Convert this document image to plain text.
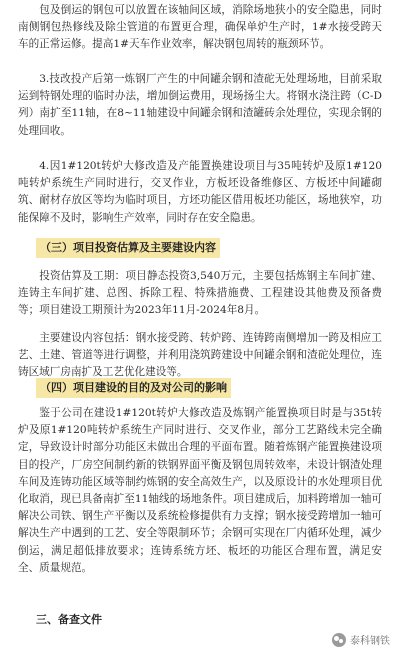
包及倒运的钢包可以放置在该轴间区域，消除场地狭小的安全隐患，同时南侧钢包热修线及除尘管道的布置更合理，确保单炉生产时，1#水接受跨天车的正常运修。提高1#天车作业效率，解决钢包周转的瓶颈环节。

3.技改投产后第一炼钢厂产生的中间罐余钢和渣砣无处理场地，目前采取运到特钢处理的临时办法，增加倒运费用，现场扬尘大。将钢水浇注跨（C-D列）南扩至11轴，在8~11轴建设中间罐余钢和渣罐砖余处理位，实现余钢的处理回收。

4.因1#120t转炉大修改造及产能置换建设项目与35吨转炉及原1#120吨转炉系统生产同时进行，交叉作业，方板坯设备维修区、方板坯中间罐砌筑、耐材存放区等均为临时项目，方坯功能区借用板坯功能区，场地狭窄，功能保障不及时，影响生产效率，同时存在安全隐患。

（三）项目投资估算及主要建设内容

投资估算及工期：项目静态投资3,540万元，主要包括炼钢主车间扩建、连铸主车间扩建、总图、拆除工程、特殊措施费、工程建设其他费及预备费等；项目建设工期预计为2023年11月-2024年8月。

主要建设内容包括：钢水接受跨、转炉跨、连铸跨南侧增加一跨及相应工艺、土建、管道等进行调整，并利用浇筑跨建设中间罐余钢和渣砣处理位，连铸区域厂房南扩及工艺优化建设等。

（四）项目建设的目的及对公司的影响

鉴于公司在建设1#120t转炉大修改造及炼钢产能置换项目时是与35t转炉及原1#120吨转炉系统生产同时进行、交叉作业，部分工艺路线未完全确定，导致设计时部分功能区未做出合理的平面布置。随着炼钢产能置换建设项目的投产，厂房空间制约新的铁钢界面平衡及钢包周转效率，未设计钢渣处理车间及连铸功能区域等制约炼钢的安全高效生产，以及原设计的水处理项目优化取消，现已具备南扩至11轴线的场地条件。项目建成后，加料跨增加一轴可解决公司铁、钢生产平衡以及系统检修提供有力支撑；钢水接受跨增加一轴可解决生产中遇到的工艺、安全等限制环节；余钢可实现在厂内循环处理，减少倒运，满足超低排放要求；连铸系统方坯、板坯的功能区合理布置，满足安全、质量规范。

三、备查文件
泰科钢铁
